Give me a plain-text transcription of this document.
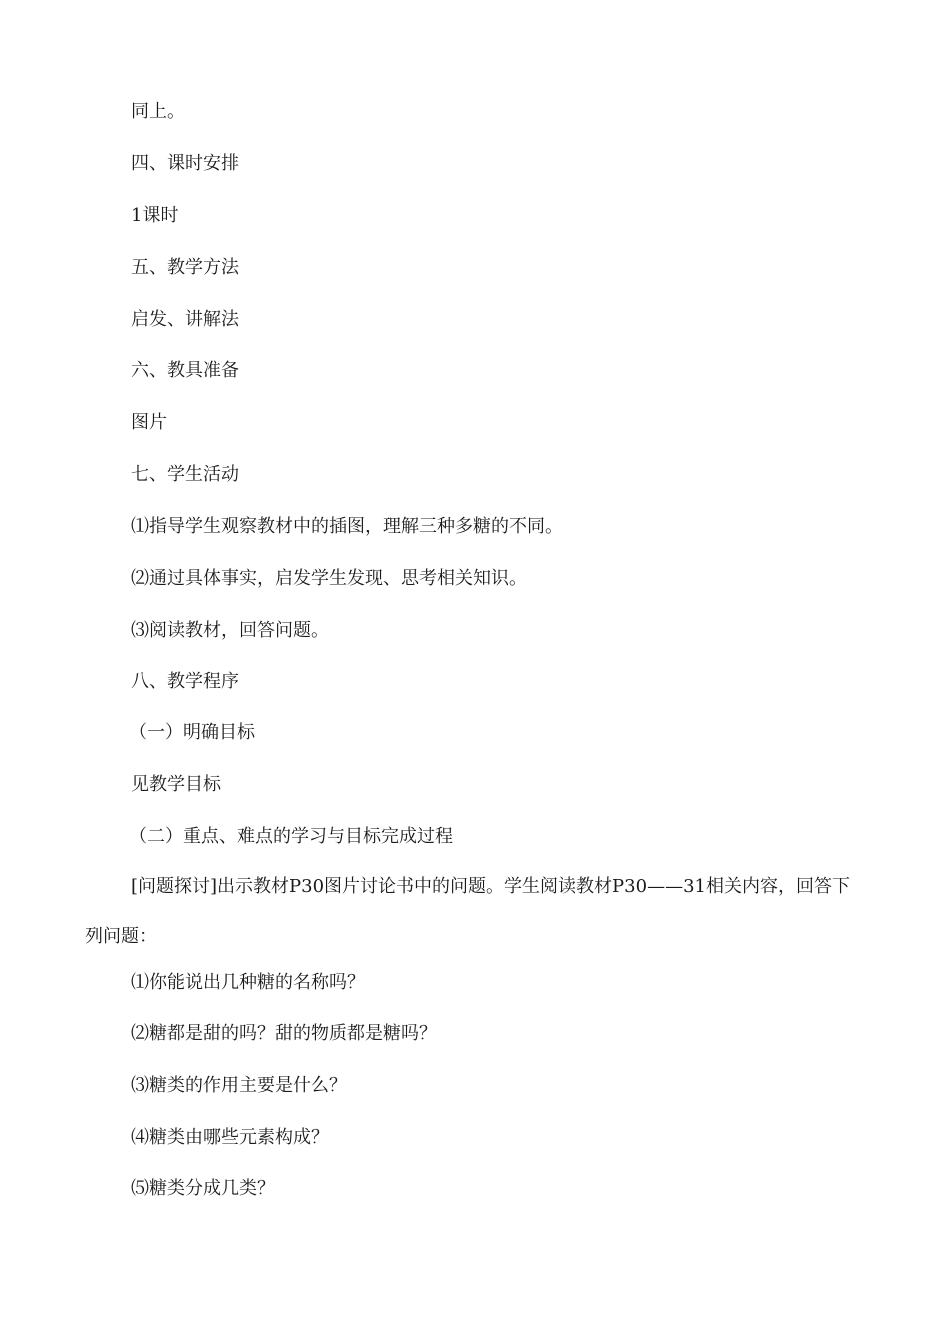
同上。
四、课时安排
1课时
五、教学方法
启发、讲解法
六、教具准备
图片
七、学生活动
⑴指导学生观察教材中的插图，理解三种多糖的不同。
⑵通过具体事实，启发学生发现、思考相关知识。
⑶阅读教材，回答问题。
八、教学程序
（一）明确目标
见教学目标
（二）重点、难点的学习与目标完成过程

[问题探讨]出示教材P30图片讨论书中的问题。学生阅读教材P30——31相关内容，回答下列问题：

⑴你能说出几种糖的名称吗？
⑵糖都是甜的吗？甜的物质都是糖吗？
⑶糖类的作用主要是什么？
⑷糖类由哪些元素构成？
⑸糖类分成几类？
